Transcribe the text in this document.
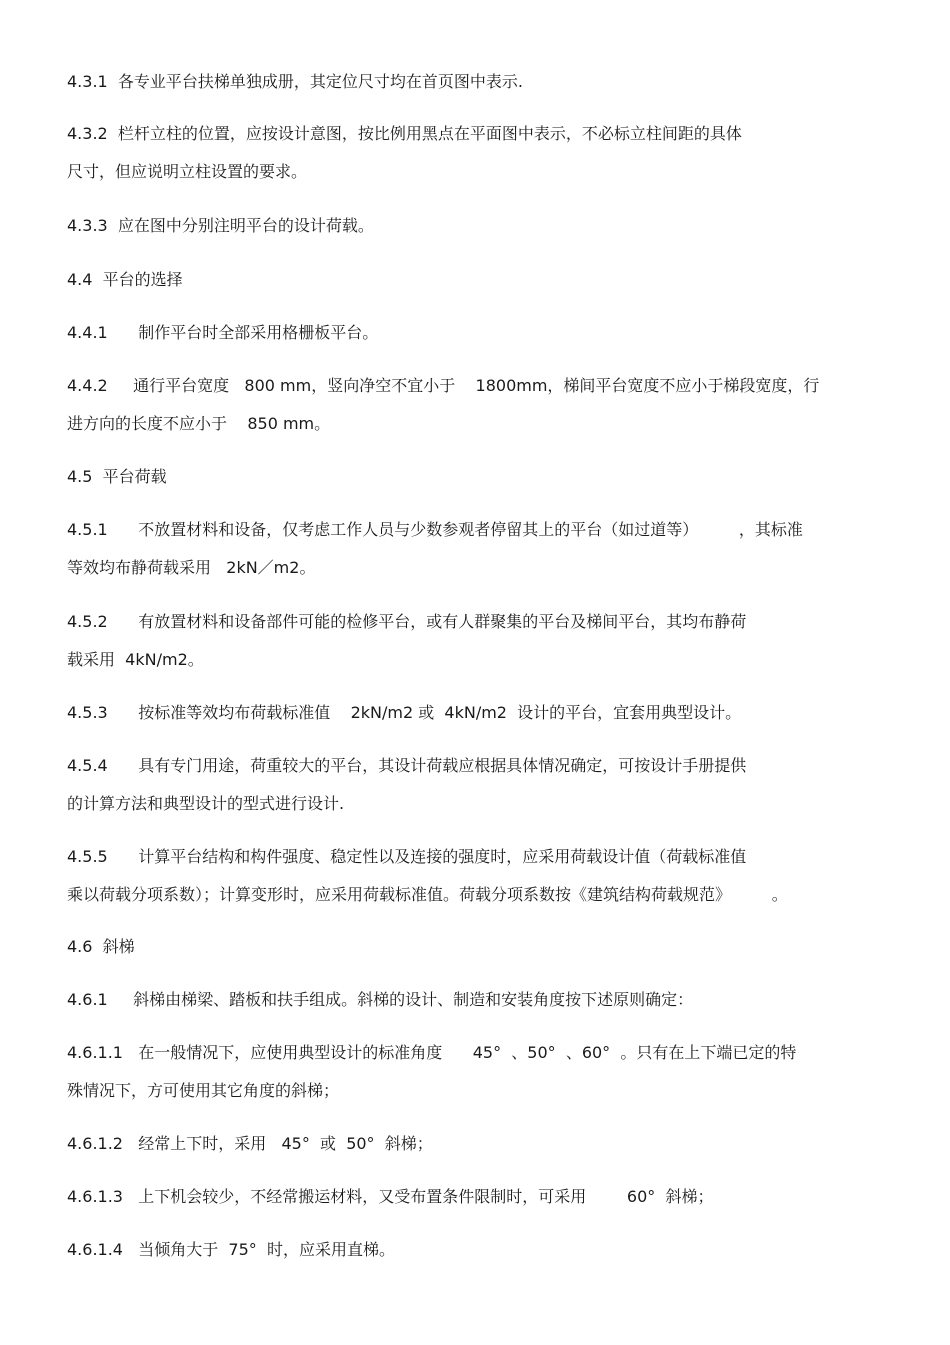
4.3.1  各专业平台扶梯单独成册，其定位尺寸均在首页图中表示.
4.3.2  栏杆立柱的位置，应按设计意图，按比例用黑点在平面图中表示，不必标立柱间距的具体
尺寸，但应说明立柱设置的要求。
4.3.3  应在图中分别注明平台的设计荷载。
4.4  平台的选择
4.4.1      制作平台时全部采用格栅板平台。
4.4.2     通行平台宽度   800 mm，竖向净空不宜小于    1800mm，梯间平台宽度不应小于梯段宽度，行
进方向的长度不应小于    850 mm。
4.5  平台荷载
4.5.1      不放置材料和设备，仅考虑工作人员与少数参观者停留其上的平台（如过道等）        ，其标准
等效均布静荷载采用   2kN／m2。
4.5.2      有放置材料和设备部件可能的检修平台，或有人群聚集的平台及梯间平台，其均布静荷
载采用  4kN/m2。
4.5.3      按标准等效均布荷载标准值    2kN/m2 或  4kN/m2  设计的平台，宜套用典型设计。
4.5.4      具有专门用途，荷重较大的平台，其设计荷载应根据具体情况确定，可按设计手册提供
的计算方法和典型设计的型式进行设计.
4.5.5      计算平台结构和构件强度、稳定性以及连接的强度时，应采用荷载设计值（荷载标准值
乘以荷载分项系数）；计算变形时，应采用荷载标准值。荷载分项系数按《建筑结构荷载规范》        。
4.6  斜梯
4.6.1     斜梯由梯梁、踏板和扶手组成。斜梯的设计、制造和安装角度按下述原则确定：
4.6.1.1   在一般情况下，应使用典型设计的标准角度      45°  、50°  、60°  。只有在上下端已定的特
殊情况下，方可使用其它角度的斜梯；
4.6.1.2   经常上下时，采用   45°  或  50°  斜梯；
4.6.1.3   上下机会较少，不经常搬运材料，又受布置条件限制时，可采用        60°  斜梯；
4.6.1.4   当倾角大于  75°  时，应采用直梯。
